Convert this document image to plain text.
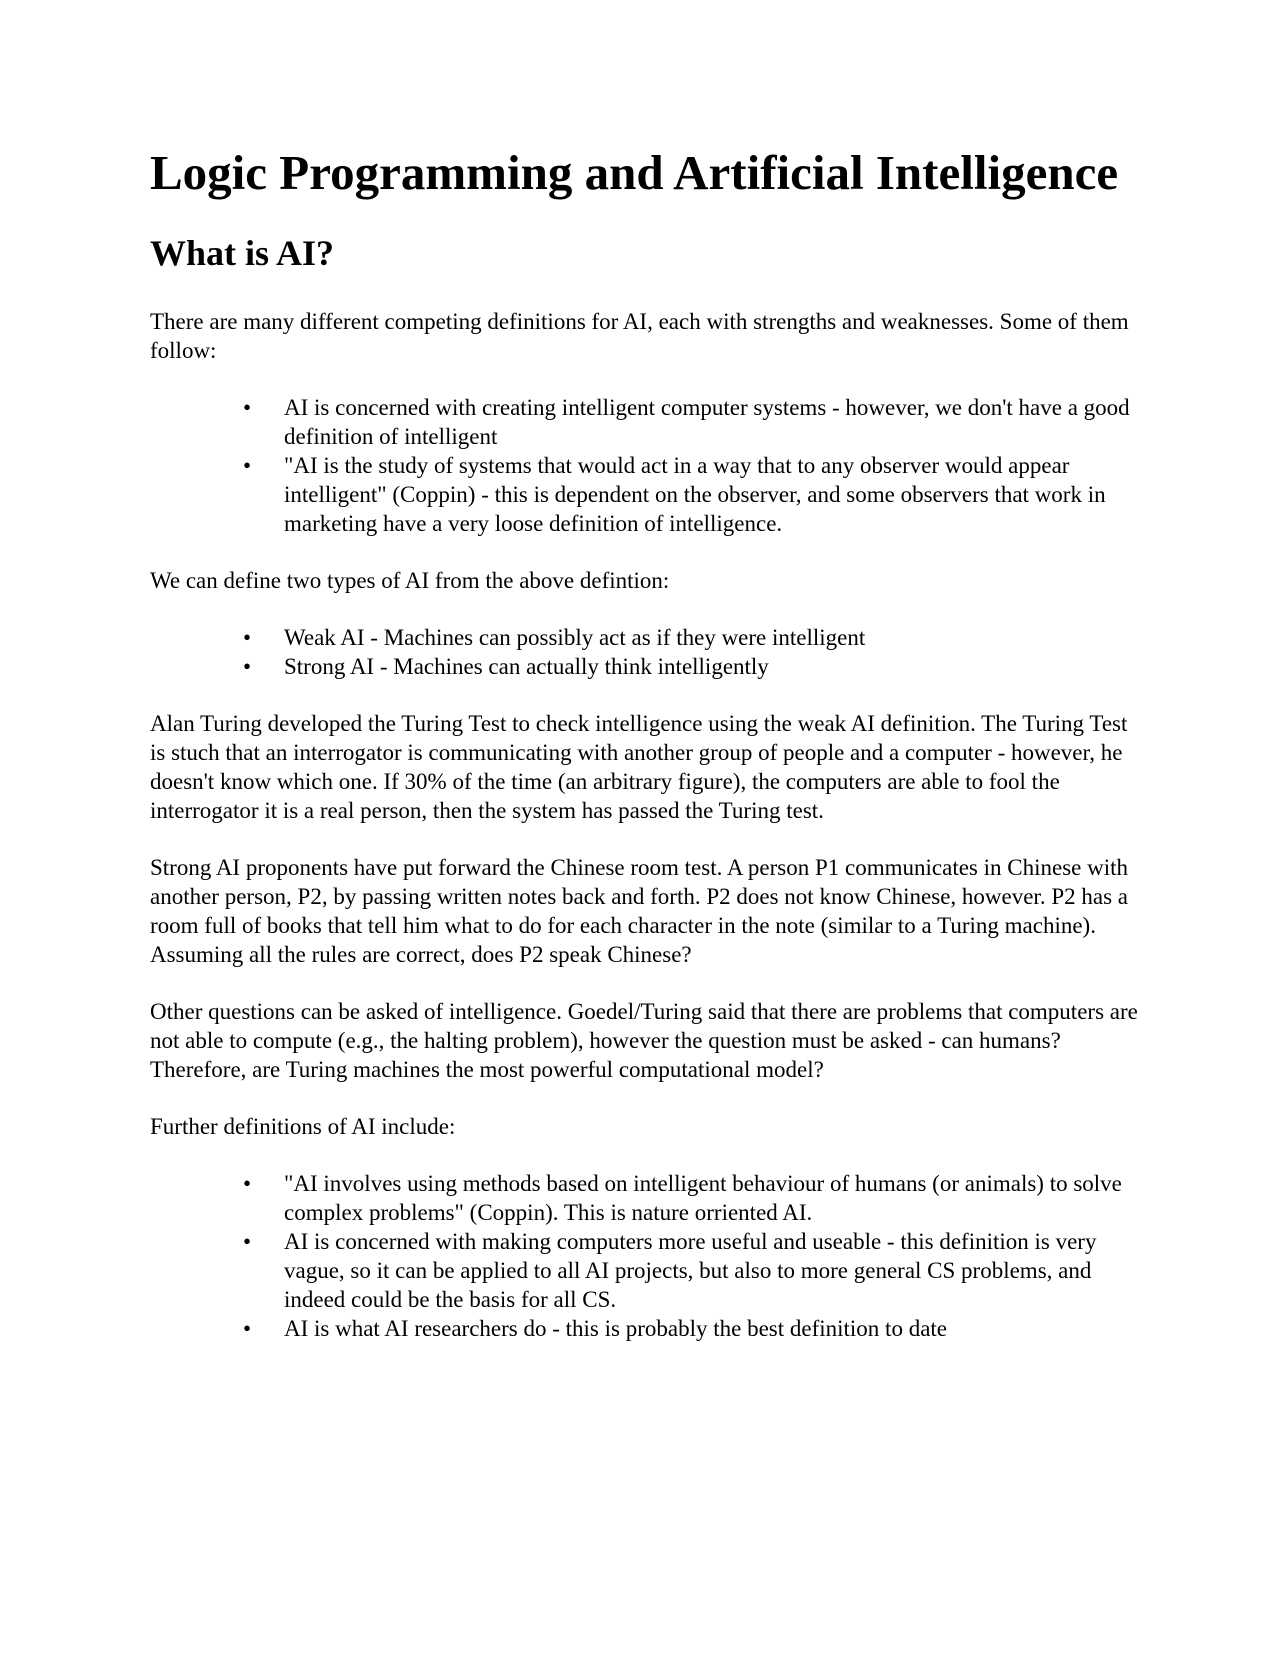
Logic Programming and Artificial Intelligence
What is AI?

There are many different competing definitions for AI, each with strengths and weaknesses. Some of them follow:

• AI is concerned with creating intelligent computer systems - however, we don't have a good definition of intelligent
• "AI is the study of systems that would act in a way that to any observer would appear intelligent" (Coppin) - this is dependent on the observer, and some observers that work in marketing have a very loose definition of intelligence.

We can define two types of AI from the above defintion:

• Weak AI - Machines can possibly act as if they were intelligent
• Strong AI - Machines can actually think intelligently

Alan Turing developed the Turing Test to check intelligence using the weak AI definition. The Turing Test is stuch that an interrogator is communicating with another group of people and a computer - however, he doesn't know which one. If 30% of the time (an arbitrary figure), the computers are able to fool the interrogator it is a real person, then the system has passed the Turing test.

Strong AI proponents have put forward the Chinese room test. A person P1 communicates in Chinese with another person, P2, by passing written notes back and forth. P2 does not know Chinese, however. P2 has a room full of books that tell him what to do for each character in the note (similar to a Turing machine). Assuming all the rules are correct, does P2 speak Chinese?

Other questions can be asked of intelligence. Goedel/Turing said that there are problems that computers are not able to compute (e.g., the halting problem), however the question must be asked - can humans? Therefore, are Turing machines the most powerful computational model?

Further definitions of AI include:

• "AI involves using methods based on intelligent behaviour of humans (or animals) to solve complex problems" (Coppin). This is nature orriented AI.
• AI is concerned with making computers more useful and useable - this definition is very vague, so it can be applied to all AI projects, but also to more general CS problems, and indeed could be the basis for all CS.
• AI is what AI researchers do - this is probably the best definition to date
